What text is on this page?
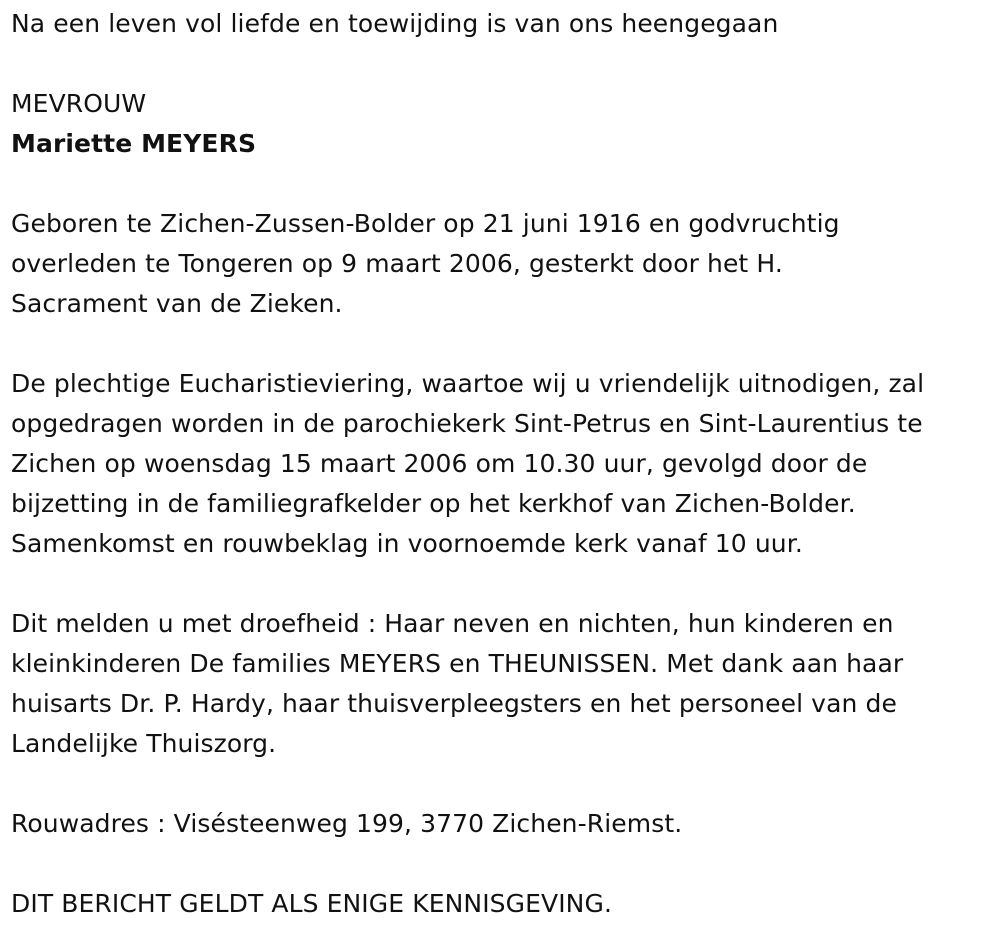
Na een leven vol liefde en toewijding is van ons heengegaan

MEVROUW

Mariette MEYERS

Geboren te Zichen-Zussen-Bolder op 21 juni 1916 en godvruchtig

overleden te Tongeren op 9 maart 2006, gesterkt door het H.

Sacrament van de Zieken.

De plechtige Eucharistieviering, waartoe wij u vriendelijk uitnodigen, zal

opgedragen worden in de parochiekerk Sint-Petrus en Sint-Laurentius te

Zichen op woensdag 15 maart 2006 om 10.30 uur, gevolgd door de

bijzetting in de familiegrafkelder op het kerkhof van Zichen-Bolder.

Samenkomst en rouwbeklag in voornoemde kerk vanaf 10 uur.

Dit melden u met droefheid : Haar neven en nichten, hun kinderen en

kleinkinderen De families MEYERS en THEUNISSEN. Met dank aan haar

huisarts Dr. P. Hardy, haar thuisverpleegsters en het personeel van de

Landelijke Thuiszorg.

Rouwadres : Visésteenweg 199, 3770 Zichen-Riemst.

DIT BERICHT GELDT ALS ENIGE KENNISGEVING.
